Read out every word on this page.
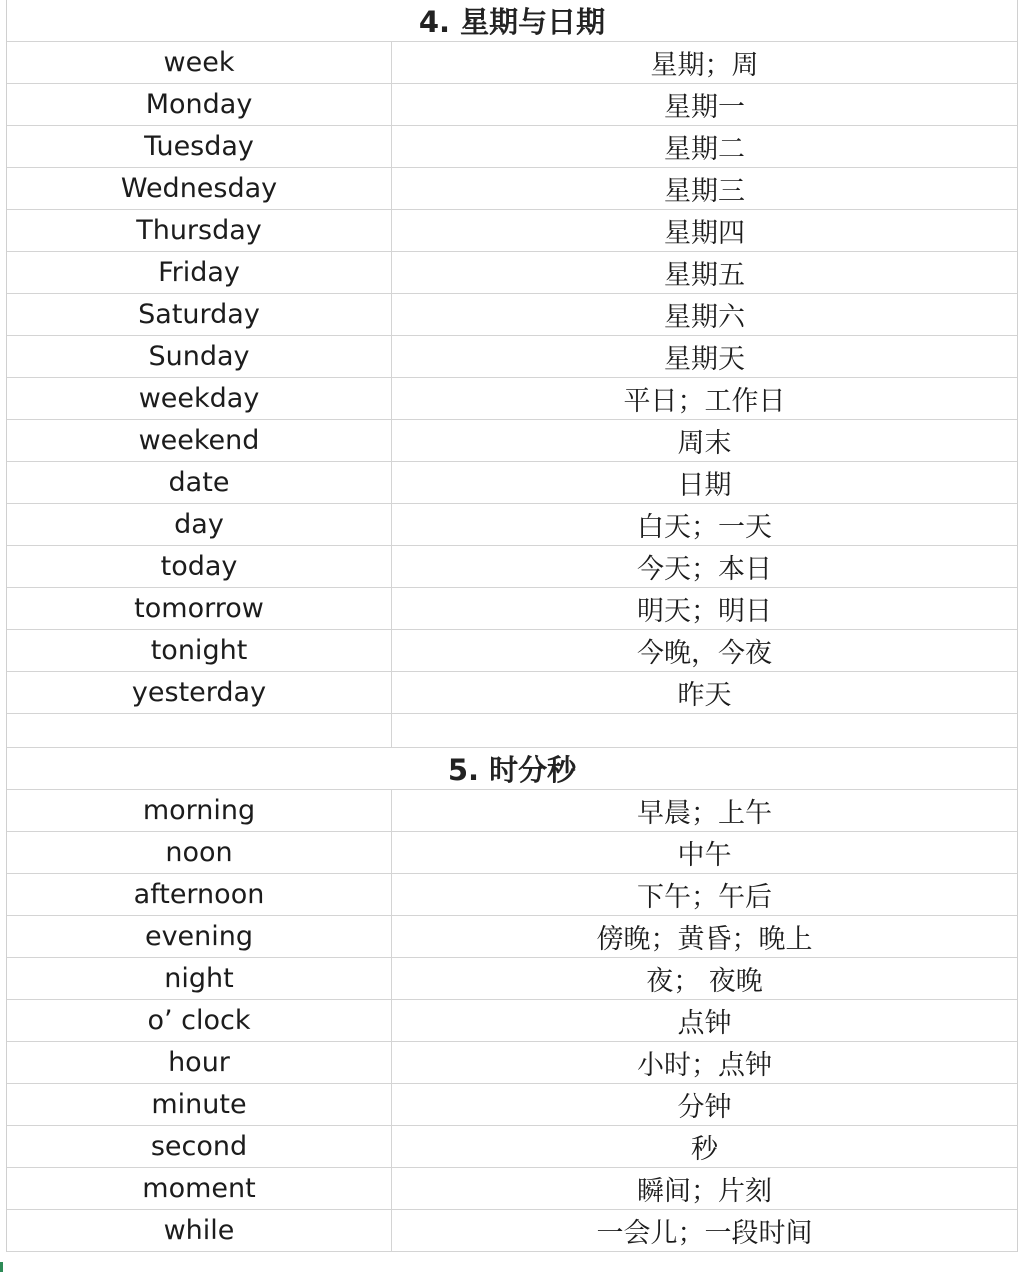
4. 星期与日期
week	星期；周
Monday	星期一
Tuesday	星期二
Wednesday	星期三
Thursday	星期四
Friday	星期五
Saturday	星期六
Sunday	星期天
weekday	平日；工作日
weekend	周末
date	日期
day	白天；一天
today	今天；本日
tomorrow	明天；明日
tonight	今晚，今夜
yesterday	昨天
5. 时分秒
morning	早晨；上午
noon	中午
afternoon	下午；午后
evening	傍晚；黄昏；晚上
night	夜； 夜晚
o’ clock	点钟
hour	小时；点钟
minute	分钟
second	秒
moment	瞬间；片刻
while	一会儿；一段时间
